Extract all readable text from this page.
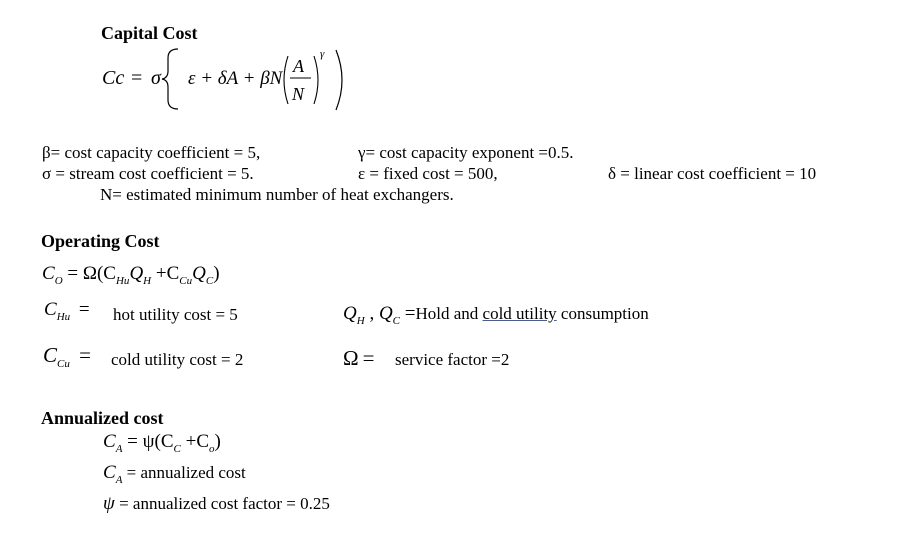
Capital Cost
Cc = σ ε + δA + βN
A
N
γ
β= cost capacity coefficient = 5,	γ= cost capacity exponent =0.5.
σ = stream cost coefficient = 5.	ε = fixed cost = 500,	δ = linear cost coefficient = 10
N= estimated minimum number of heat exchangers.
Operating Cost
$C_O = \Omega(C_{Hu}Q_H +C_{Cu}Q_C)$
$C_{Hu}$ = hot utility cost = 5	$Q_H$ , $Q_C$ =Hold and cold utility consumption
$C_{Cu}$ = cold utility cost = 2	Ω = service factor =2
Annualized cost
$C_A = \psi(C_C +C_o)$
$C_A$ = annualized cost
ψ = annualized cost factor = 0.25
